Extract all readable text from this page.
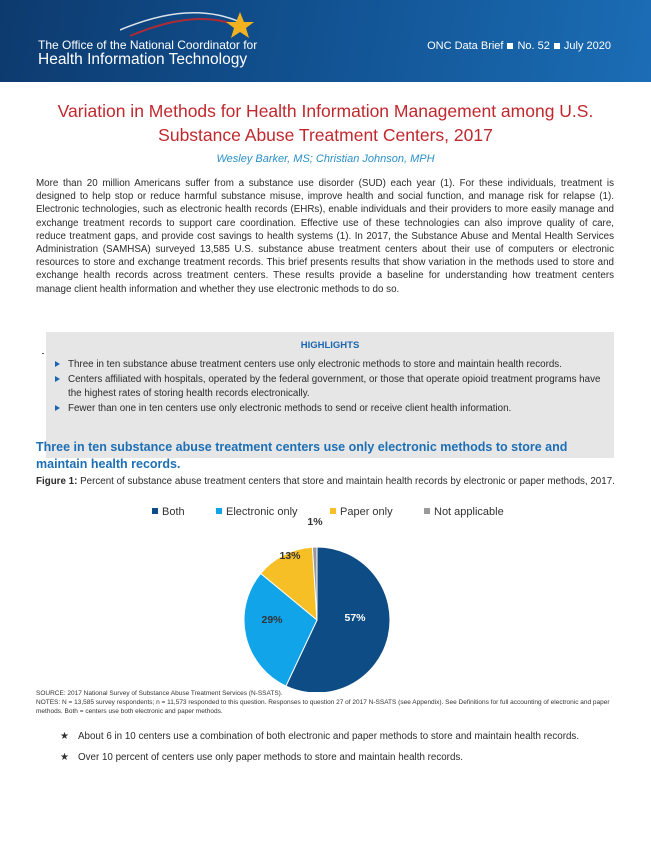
The Office of the National Coordinator for
Health Information Technology
ONC Data Brief No. 52 July 2020
Variation in Methods for Health Information Management among U.S. Substance Abuse Treatment Centers, 2017
Wesley Barker, MS; Christian Johnson, MPH
More than 20 million Americans suffer from a substance use disorder (SUD) each year (1). For these individuals, treatment is designed to help stop or reduce harmful substance misuse, improve health and social function, and manage risk for relapse (1). Electronic technologies, such as electronic health records (EHRs), enable individuals and their providers to more easily manage and exchange treatment records to support care coordination. Effective use of these technologies can also improve quality of care, reduce treatment gaps, and provide cost savings to health systems (1). In 2017, the Substance Abuse and Mental Health Services Administration (SAMHSA) surveyed 13,585 U.S. substance abuse treatment centers about their use of computers or electronic resources to store and exchange treatment records. This brief presents results that show variation in the methods used to store and exchange health records across treatment centers. These results provide a baseline for understanding how treatment centers manage client health information and whether they use electronic methods to do so.
HIGHLIGHTS
Three in ten substance abuse treatment centers use only electronic methods to store and maintain health records.
Centers affiliated with hospitals, operated by the federal government, or those that operate opioid treatment programs have the highest rates of storing health records electronically.
Fewer than one in ten centers use only electronic methods to send or receive client health information.
Three in ten substance abuse treatment centers use only electronic methods to store and maintain health records.
Figure 1: Percent of substance abuse treatment centers that store and maintain health records by electronic or paper methods, 2017.
Both	Electronic only	Paper only	Not applicable
57%
29%
13%
1%
SOURCE: 2017 National Survey of Substance Abuse Treatment Services (N-SSATS).
NOTES: N = 13,585 survey respondents; n = 11,573 responded to this question. Responses to question 27 of 2017 N-SSATS (see Appendix). See Definitions for full accounting of electronic and paper methods. Both = centers use both electronic and paper methods.
★ About 6 in 10 centers use a combination of both electronic and paper methods to store and maintain health records.
★ Over 10 percent of centers use only paper methods to store and maintain health records.
